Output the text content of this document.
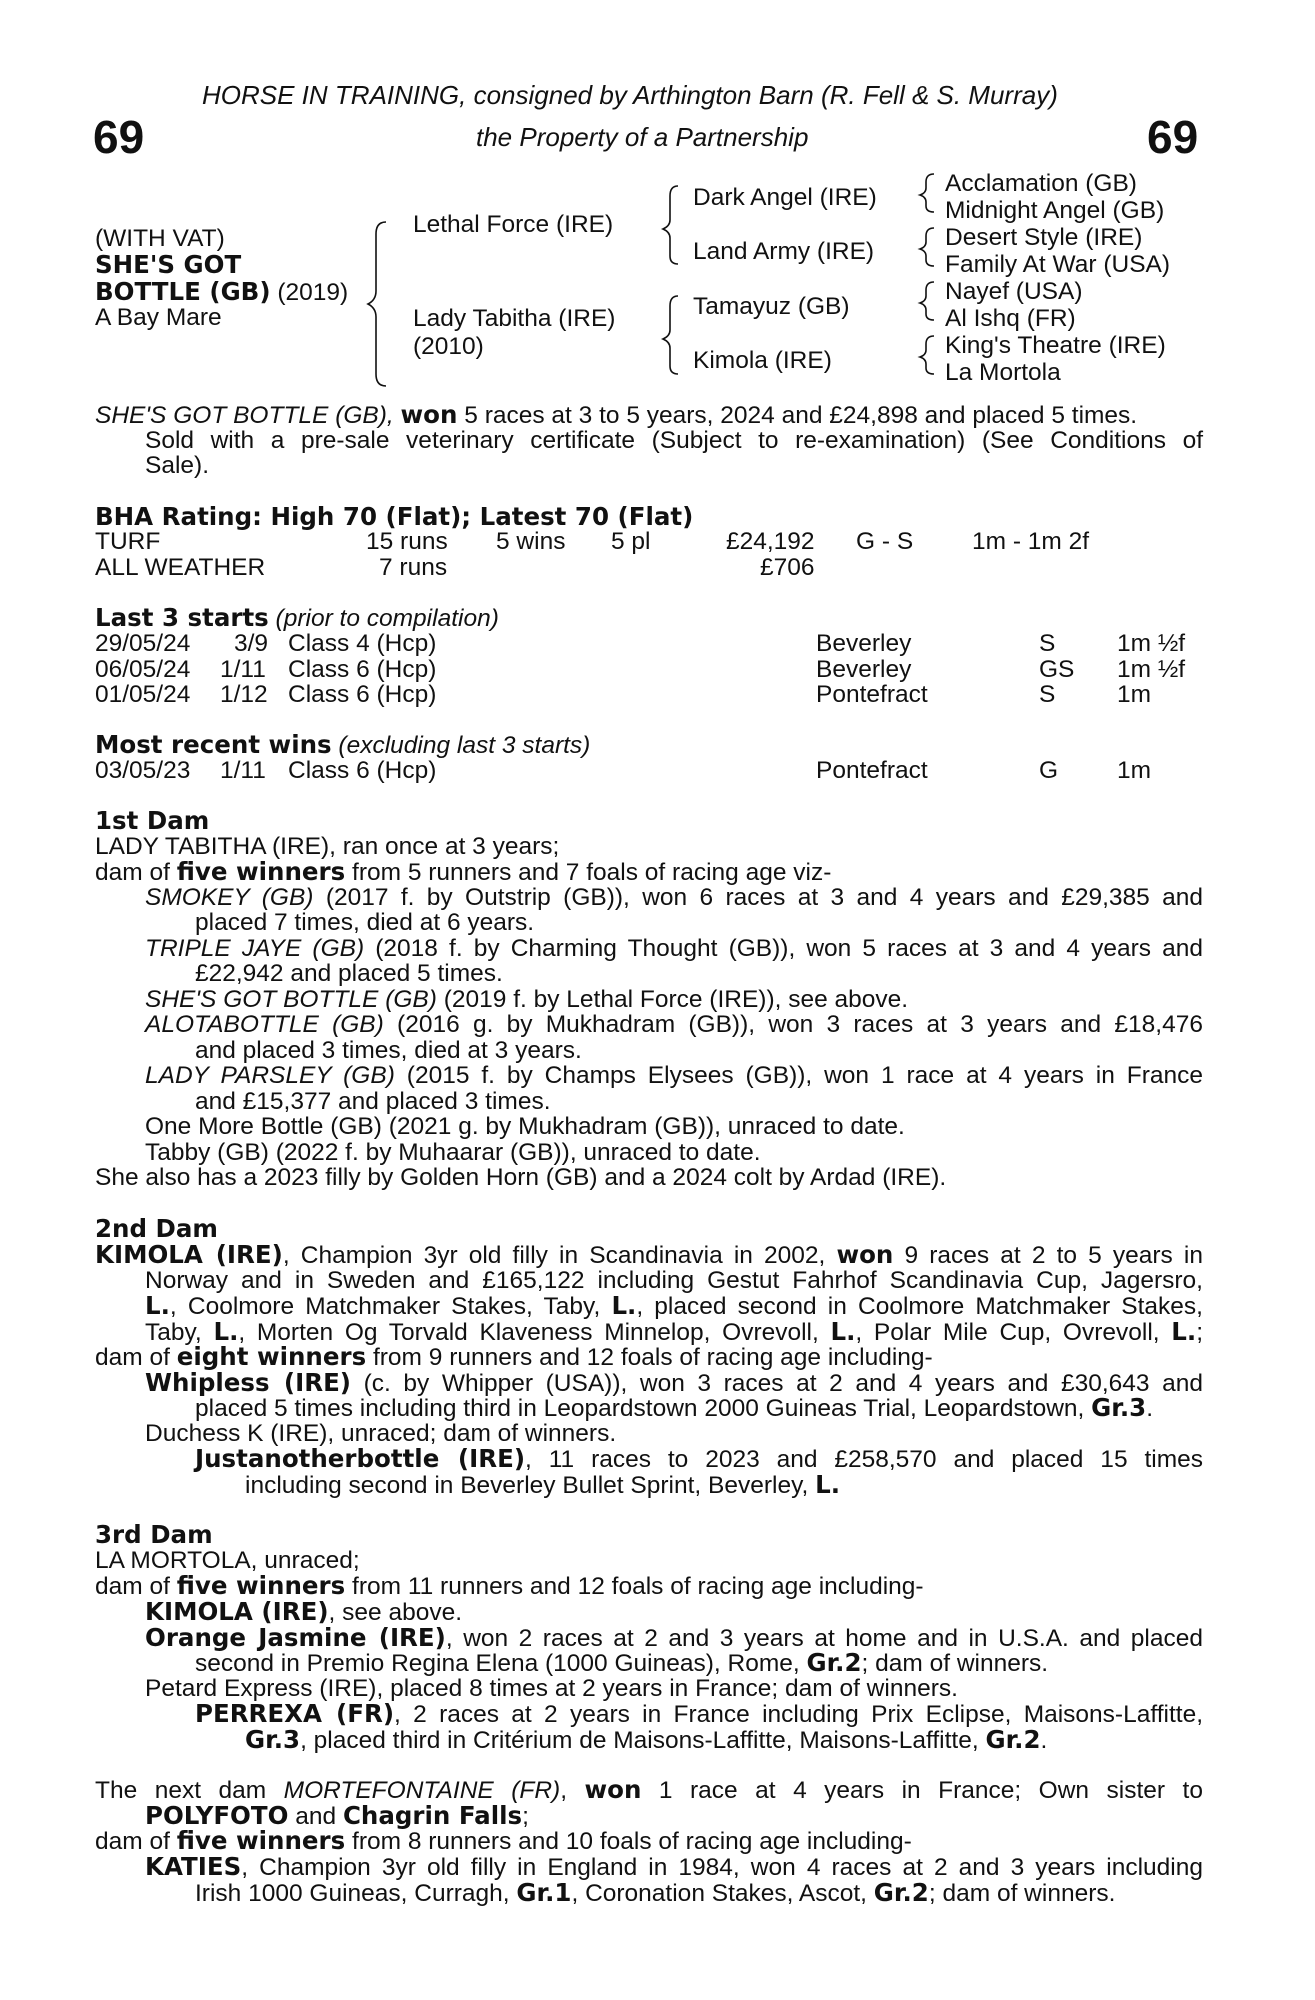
HORSE IN TRAINING, consigned by Arthington Barn (R. Fell & S. Murray)
the Property of a Partnership
69	69
(WITH VAT)
SHE'S GOT
BOTTLE (GB) (2019)
A Bay Mare
Lethal Force (IRE)
Lady Tabitha (IRE)
(2010)
Dark Angel (IRE)
Land Army (IRE)
Tamayuz (GB)
Kimola (IRE)
Acclamation (GB)
Midnight Angel (GB)
Desert Style (IRE)
Family At War (USA)
Nayef (USA)
Al Ishq (FR)
King's Theatre (IRE)
La Mortola
SHE'S GOT BOTTLE (GB), won 5 races at 3 to 5 years, 2024 and £24,898 and placed 5 times.
Sold with a pre-sale veterinary certificate (Subject to re-examination) (See Conditions of
Sale).
BHA Rating: High 70 (Flat); Latest 70 (Flat)
TURF	15 runs 5 wins 5 pl	£24,192 G - S 1m - 1m 2f
ALL WEATHER	7 runs	£706
Last 3 starts (prior to compilation)
29/05/24 3/9 Class 4 (Hcp)	Beverley	S	1m ½f
06/05/24 1/11 Class 6 (Hcp)	Beverley	GS 1m ½f
01/05/24 1/12 Class 6 (Hcp)	Pontefract	S	1m
Most recent wins (excluding last 3 starts)
03/05/23 1/11 Class 6 (Hcp)	Pontefract	G 1m
1st Dam
LADY TABITHA (IRE), ran once at 3 years;
dam of five winners from 5 runners and 7 foals of racing age viz-
SMOKEY (GB) (2017 f. by Outstrip (GB)), won 6 races at 3 and 4 years and £29,385 and
placed 7 times, died at 6 years.
TRIPLE JAYE (GB) (2018 f. by Charming Thought (GB)), won 5 races at 3 and 4 years and
£22,942 and placed 5 times.
SHE'S GOT BOTTLE (GB) (2019 f. by Lethal Force (IRE)), see above.
ALOTABOTTLE (GB) (2016 g. by Mukhadram (GB)), won 3 races at 3 years and £18,476
and placed 3 times, died at 3 years.
LADY PARSLEY (GB) (2015 f. by Champs Elysees (GB)), won 1 race at 4 years in France
and £15,377 and placed 3 times.
One More Bottle (GB) (2021 g. by Mukhadram (GB)), unraced to date.
Tabby (GB) (2022 f. by Muhaarar (GB)), unraced to date.
She also has a 2023 filly by Golden Horn (GB) and a 2024 colt by Ardad (IRE).
2nd Dam
KIMOLA (IRE), Champion 3yr old filly in Scandinavia in 2002, won 9 races at 2 to 5 years in
Norway and in Sweden and £165,122 including Gestut Fahrhof Scandinavia Cup, Jagersro,
L., Coolmore Matchmaker Stakes, Taby, L., placed second in Coolmore Matchmaker Stakes,
Taby, L., Morten Og Torvald Klaveness Minnelop, Ovrevoll, L., Polar Mile Cup, Ovrevoll, L.;
dam of eight winners from 9 runners and 12 foals of racing age including-
Whipless (IRE) (c. by Whipper (USA)), won 3 races at 2 and 4 years and £30,643 and
placed 5 times including third in Leopardstown 2000 Guineas Trial, Leopardstown, Gr.3.
Duchess K (IRE), unraced; dam of winners.
Justanotherbottle (IRE), 11 races to 2023 and £258,570 and placed 15 times
including second in Beverley Bullet Sprint, Beverley, L.
3rd Dam
LA MORTOLA, unraced;
dam of five winners from 11 runners and 12 foals of racing age including-
KIMOLA (IRE), see above.
Orange Jasmine (IRE), won 2 races at 2 and 3 years at home and in U.S.A. and placed
second in Premio Regina Elena (1000 Guineas), Rome, Gr.2; dam of winners.
Petard Express (IRE), placed 8 times at 2 years in France; dam of winners.
PERREXA (FR), 2 races at 2 years in France including Prix Eclipse, Maisons-Laffitte,
Gr.3, placed third in Critérium de Maisons-Laffitte, Maisons-Laffitte, Gr.2.
The next dam MORTEFONTAINE (FR), won 1 race at 4 years in France; Own sister to
POLYFOTO and Chagrin Falls;
dam of five winners from 8 runners and 10 foals of racing age including-
KATIES, Champion 3yr old filly in England in 1984, won 4 races at 2 and 3 years including
Irish 1000 Guineas, Curragh, Gr.1, Coronation Stakes, Ascot, Gr.2; dam of winners.
